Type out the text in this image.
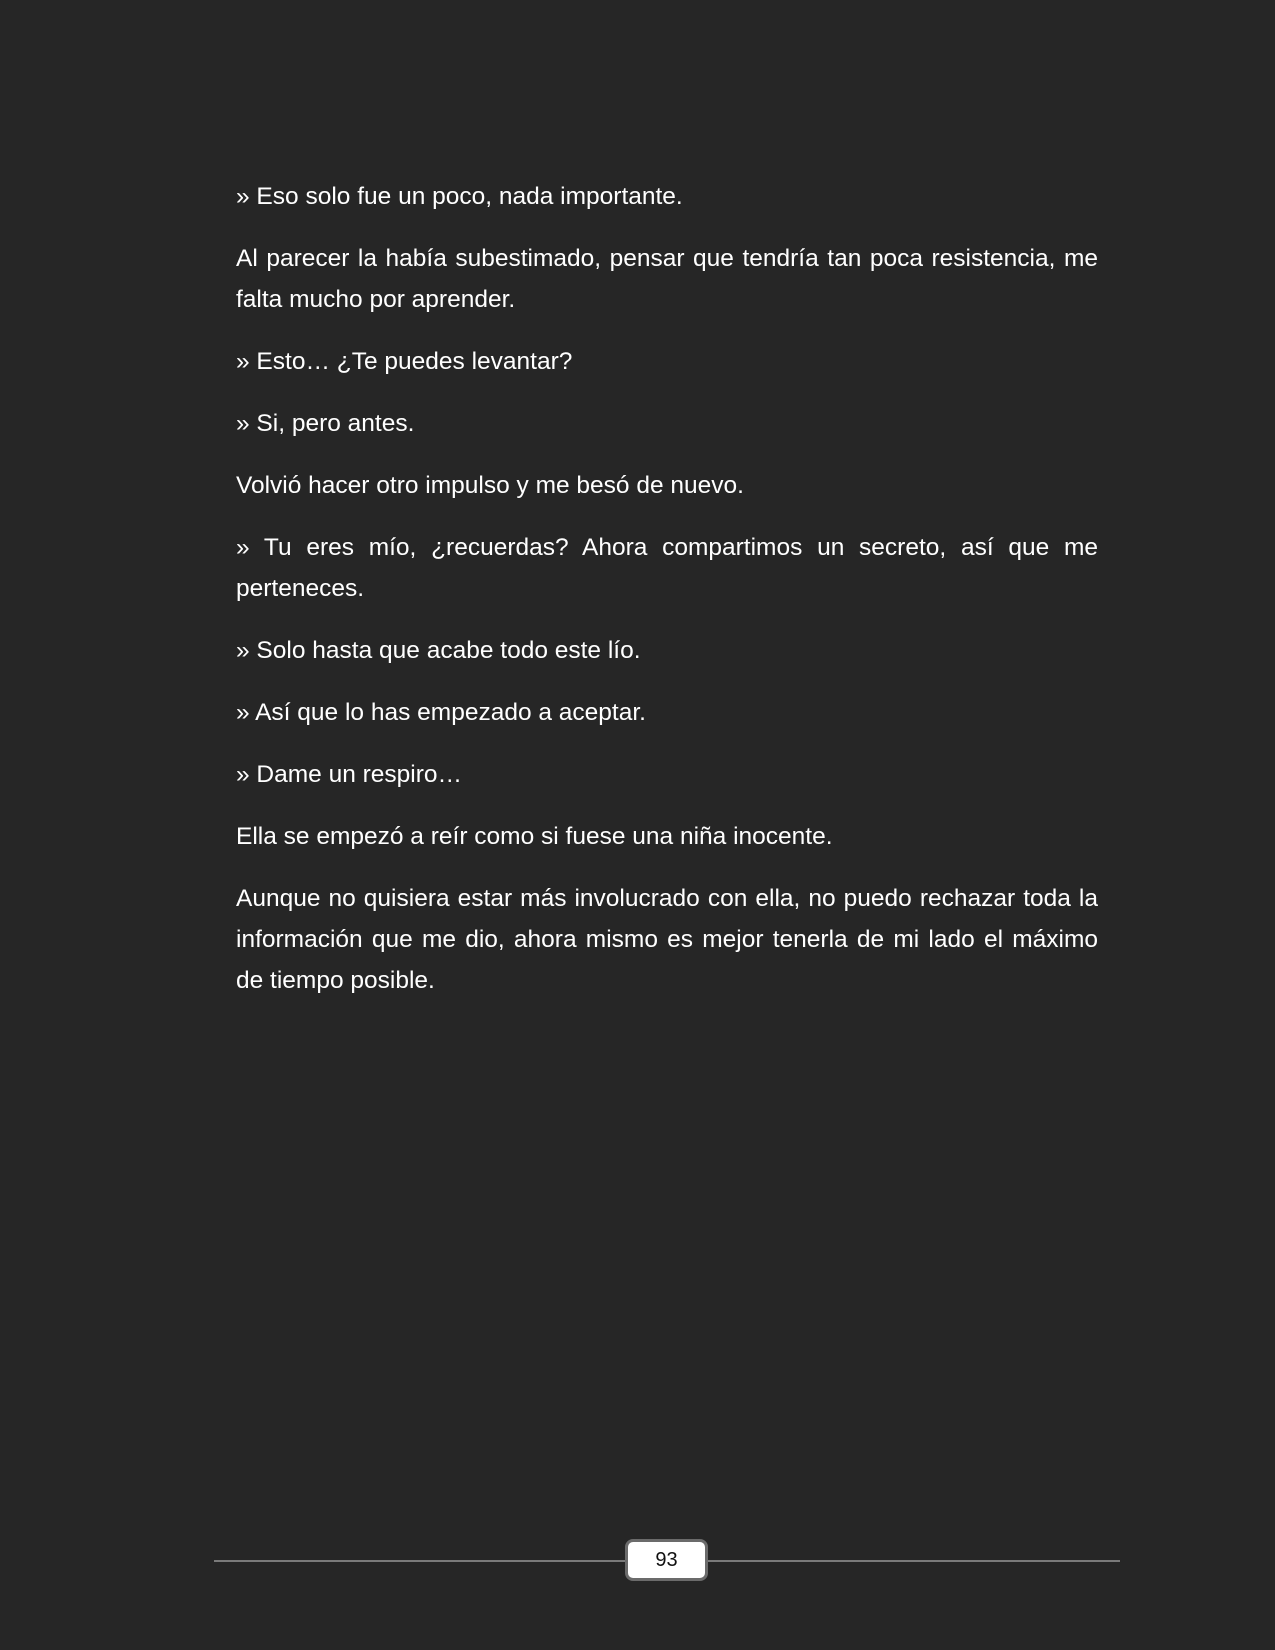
» Eso solo fue un poco, nada importante.

Al parecer la había subestimado, pensar que tendría tan poca resistencia, me falta mucho por aprender.

» Esto… ¿Te puedes levantar?

» Si, pero antes.

Volvió hacer otro impulso y me besó de nuevo.

» Tu eres mío, ¿recuerdas? Ahora compartimos un secreto, así que me perteneces.

» Solo hasta que acabe todo este lío.

» Así que lo has empezado a aceptar.

» Dame un respiro…

Ella se empezó a reír como si fuese una niña inocente.

Aunque no quisiera estar más involucrado con ella, no puedo rechazar toda la información que me dio, ahora mismo es mejor tenerla de mi lado el máximo de tiempo posible.

93
